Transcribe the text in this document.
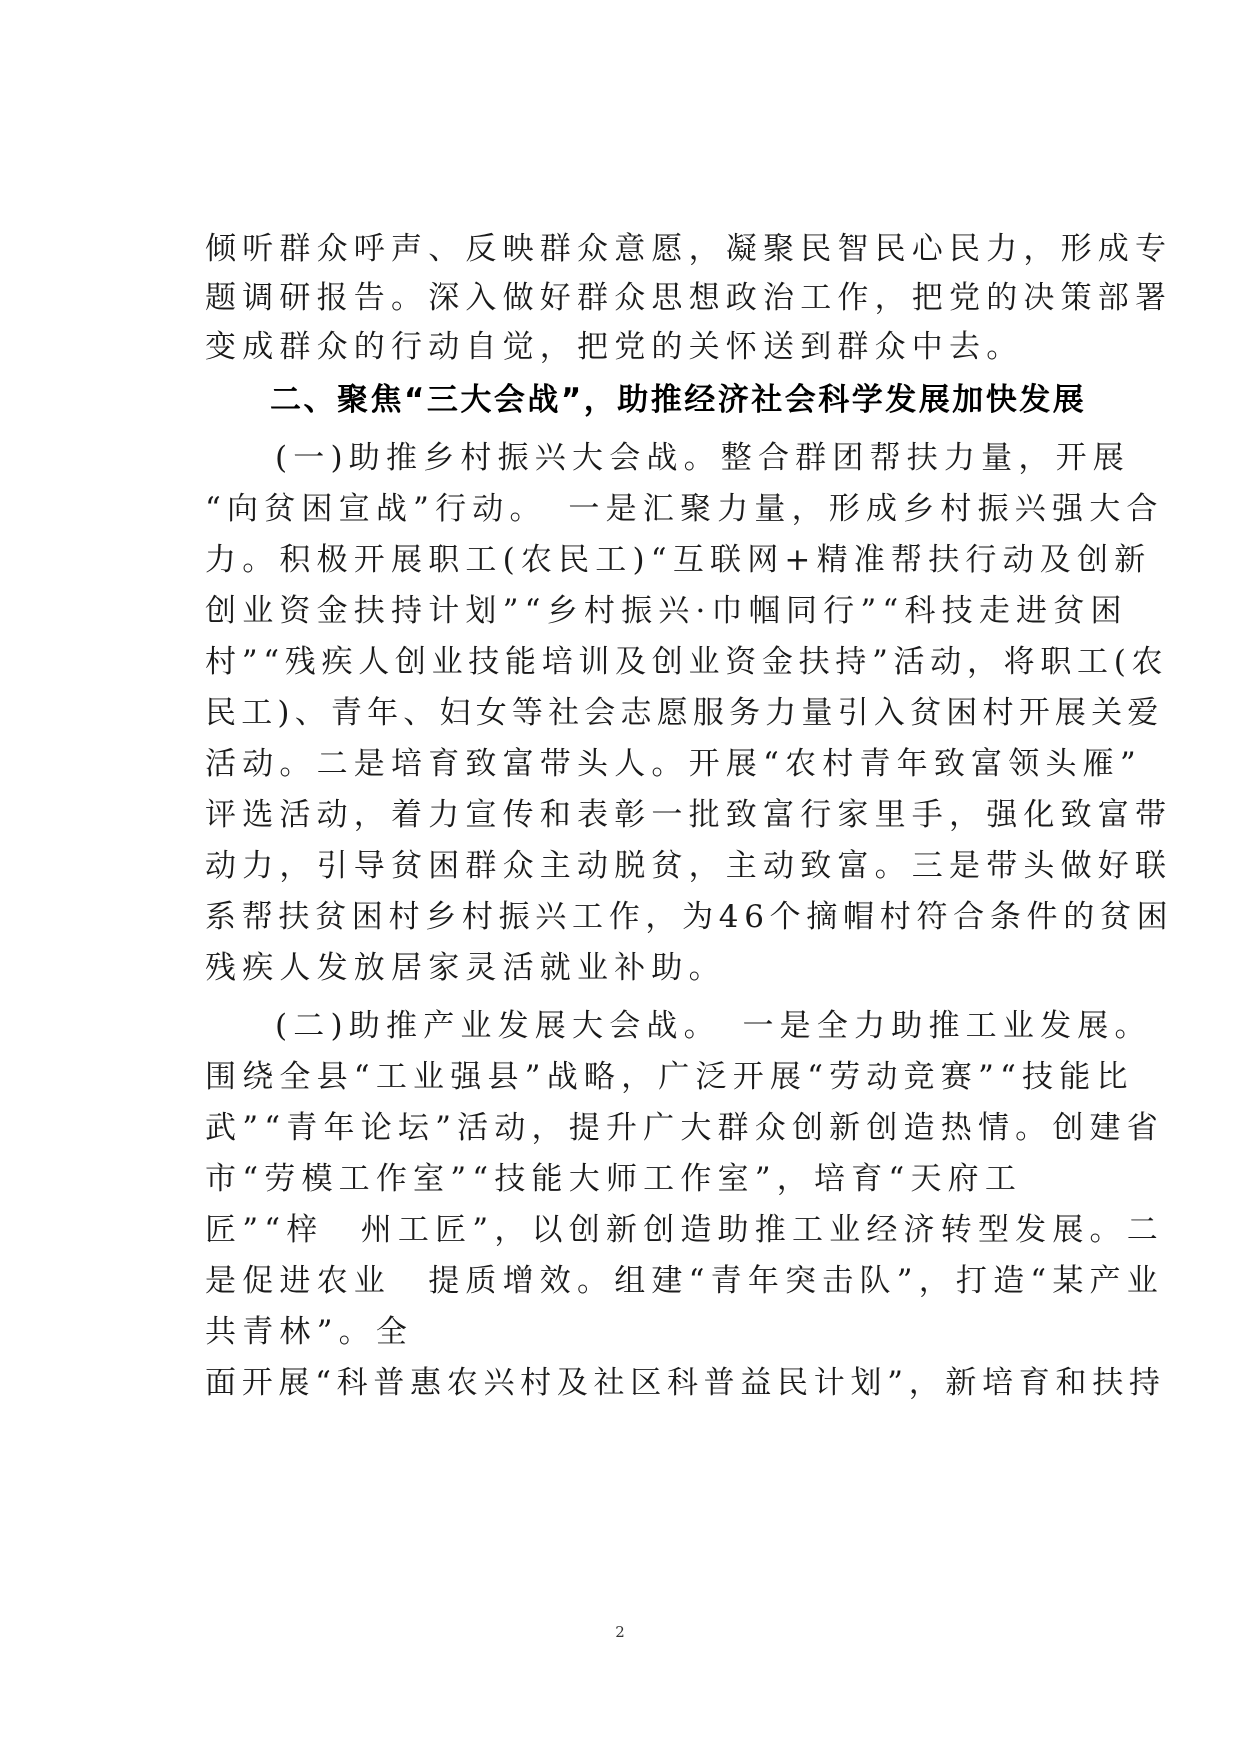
倾听群众呼声、反映群众意愿，凝聚民智民心民力，形成专
题调研报告。深入做好群众思想政治工作，把党的决策部署
变成群众的行动自觉，把党的关怀送到群众中去。
二、聚焦“三大会战”，助推经济社会科学发展加快发展
(一)助推乡村振兴大会战。整合群团帮扶力量，开展
“向贫困宣战”行动。　一是汇聚力量，形成乡村振兴强大合
力。积极开展职工(农民工)“互联网+精准帮扶行动及创新
创业资金扶持计划”“乡村振兴·巾帼同行”“科技走进贫困
村”“残疾人创业技能培训及创业资金扶持”活动，将职工(农
民工)、青年、妇女等社会志愿服务力量引入贫困村开展关爱
活动。二是培育致富带头人。开展“农村青年致富领头雁”
评选活动，着力宣传和表彰一批致富行家里手，强化致富带
动力，引导贫困群众主动脱贫，主动致富。三是带头做好联
系帮扶贫困村乡村振兴工作，为46个摘帽村符合条件的贫困
残疾人发放居家灵活就业补助。
(二)助推产业发展大会战。　一是全力助推工业发展。
围绕全县“工业强县”战略，广泛开展“劳动竞赛”“技能比
武”“青年论坛”活动，提升广大群众创新创造热情。创建省
市“劳模工作室”“技能大师工作室”，培育“天府工
匠”“梓　州工匠”，以创新创造助推工业经济转型发展。二
是促进农业　提质增效。组建“青年突击队”，打造“某产业
共青林”。全
面开展“科普惠农兴村及社区科普益民计划”，新培育和扶持
2
